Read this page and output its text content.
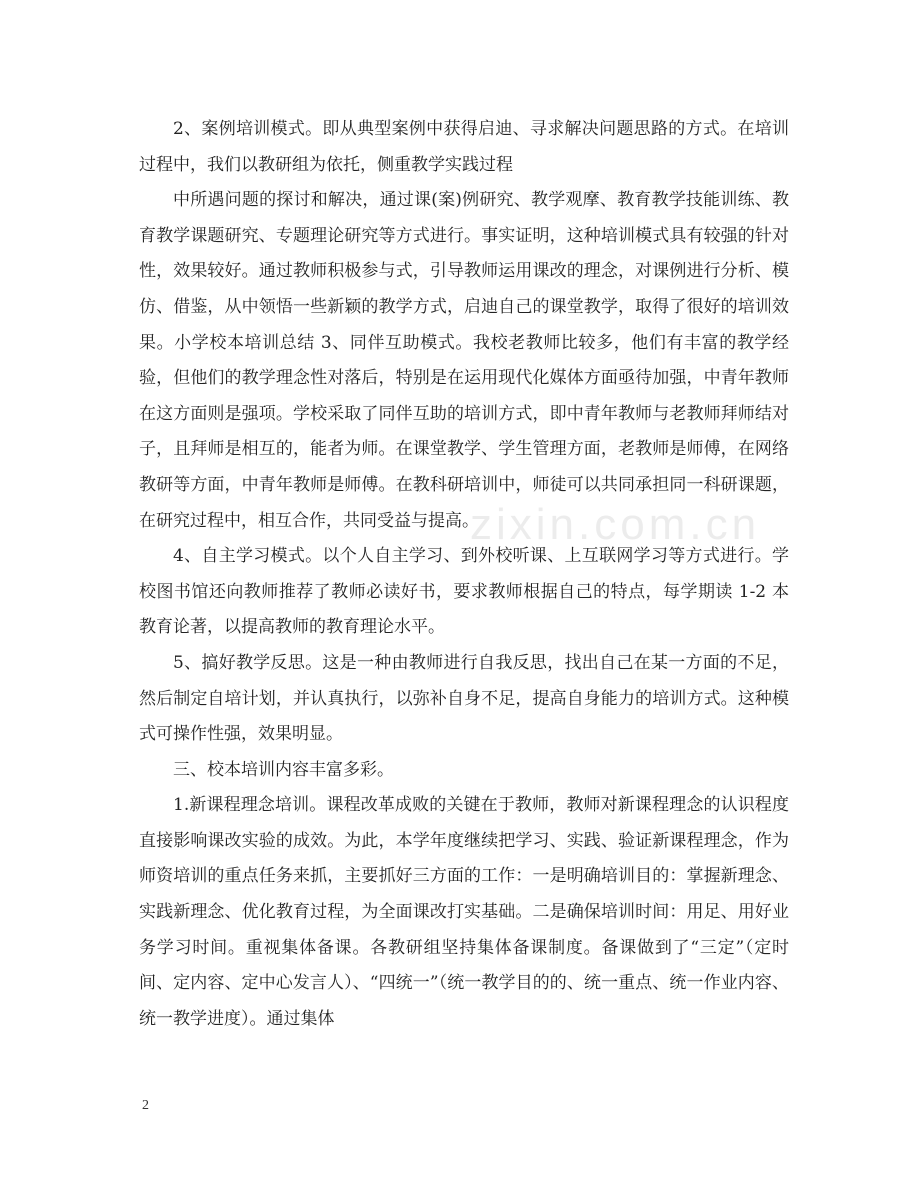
2、案例培训模式。即从典型案例中获得启迪、寻求解决问题思路的方式。在培训过程中，我们以教研组为依托，侧重教学实践过程

中所遇问题的探讨和解决，通过课(案)例研究、教学观摩、教育教学技能训练、教育教学课题研究、专题理论研究等方式进行。事实证明，这种培训模式具有较强的针对性，效果较好。通过教师积极参与式，引导教师运用课改的理念，对课例进行分析、模仿、借鉴，从中领悟一些新颖的教学方式，启迪自己的课堂教学，取得了很好的培训效果。小学校本培训总结 3、同伴互助模式。我校老教师比较多，他们有丰富的教学经验，但他们的教学理念性对落后，特别是在运用现代化媒体方面亟待加强，中青年教师在这方面则是强项。学校采取了同伴互助的培训方式，即中青年教师与老教师拜师结对子，且拜师是相互的，能者为师。在课堂教学、学生管理方面，老教师是师傅，在网络教研等方面，中青年教师是师傅。在教科研培训中，师徒可以共同承担同一科研课题，在研究过程中，相互合作，共同受益与提高。

4、自主学习模式。以个人自主学习、到外校听课、上互联网学习等方式进行。学校图书馆还向教师推荐了教师必读好书，要求教师根据自己的特点，每学期读 1-2 本教育论著，以提高教师的教育理论水平。

5、搞好教学反思。这是一种由教师进行自我反思，找出自己在某一方面的不足，然后制定自培计划，并认真执行，以弥补自身不足，提高自身能力的培训方式。这种模式可操作性强，效果明显。

三、校本培训内容丰富多彩。

1.新课程理念培训。课程改革成败的关键在于教师，教师对新课程理念的认识程度直接影响课改实验的成效。为此，本学年度继续把学习、实践、验证新课程理念，作为师资培训的重点任务来抓，主要抓好三方面的工作：一是明确培训目的：掌握新理念、实践新理念、优化教育过程，为全面课改打实基础。二是确保培训时间：用足、用好业务学习时间。重视集体备课。各教研组坚持集体备课制度。备课做到了“三定”（定时间、定内容、定中心发言人）、“四统一”（统一教学目的的、统一重点、统一作业内容、统一教学进度）。通过集体

zixin.com.cn
2
